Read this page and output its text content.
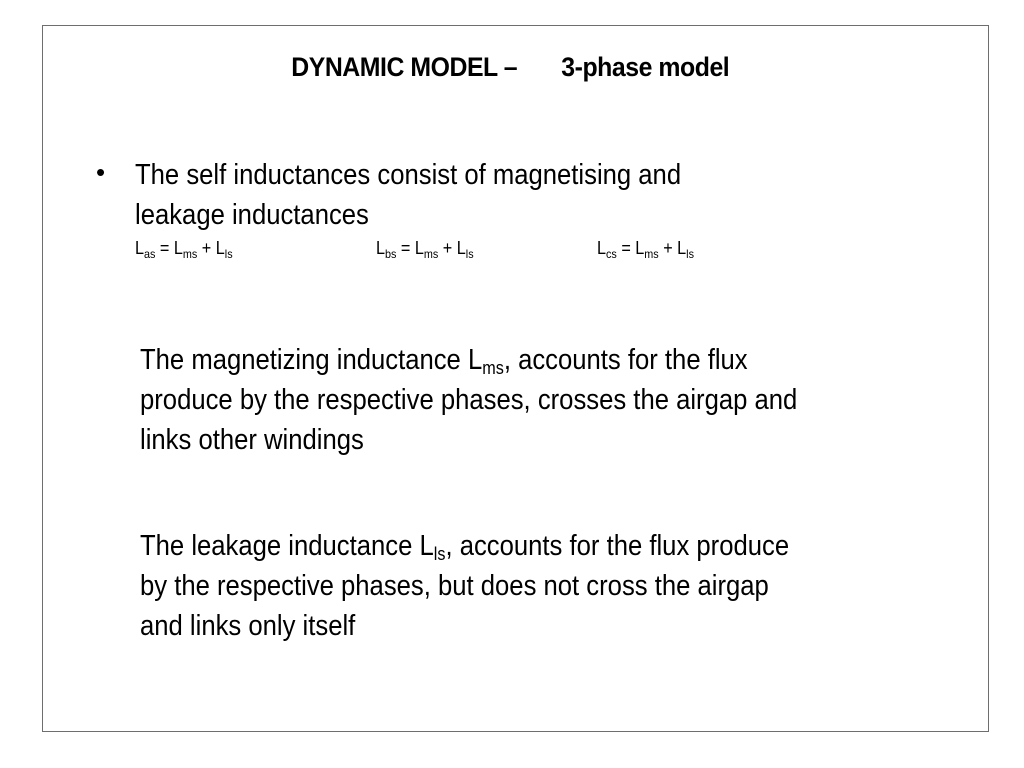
DYNAMIC MODEL – 3-phase model
• The self inductances consist of magnetising and
leakage inductances
$L_{as} = L_{ms} + L_{ls}$	$L_{bs} = L_{ms} + L_{ls}$	$L_{cs} = L_{ms} + L_{ls}$
The magnetizing inductance $L_{ms}$, accounts for the flux
produce by the respective phases, crosses the airgap and
links other windings
The leakage inductance $L_{ls}$, accounts for the flux produce
by the respective phases, but does not cross the airgap
and links only itself
